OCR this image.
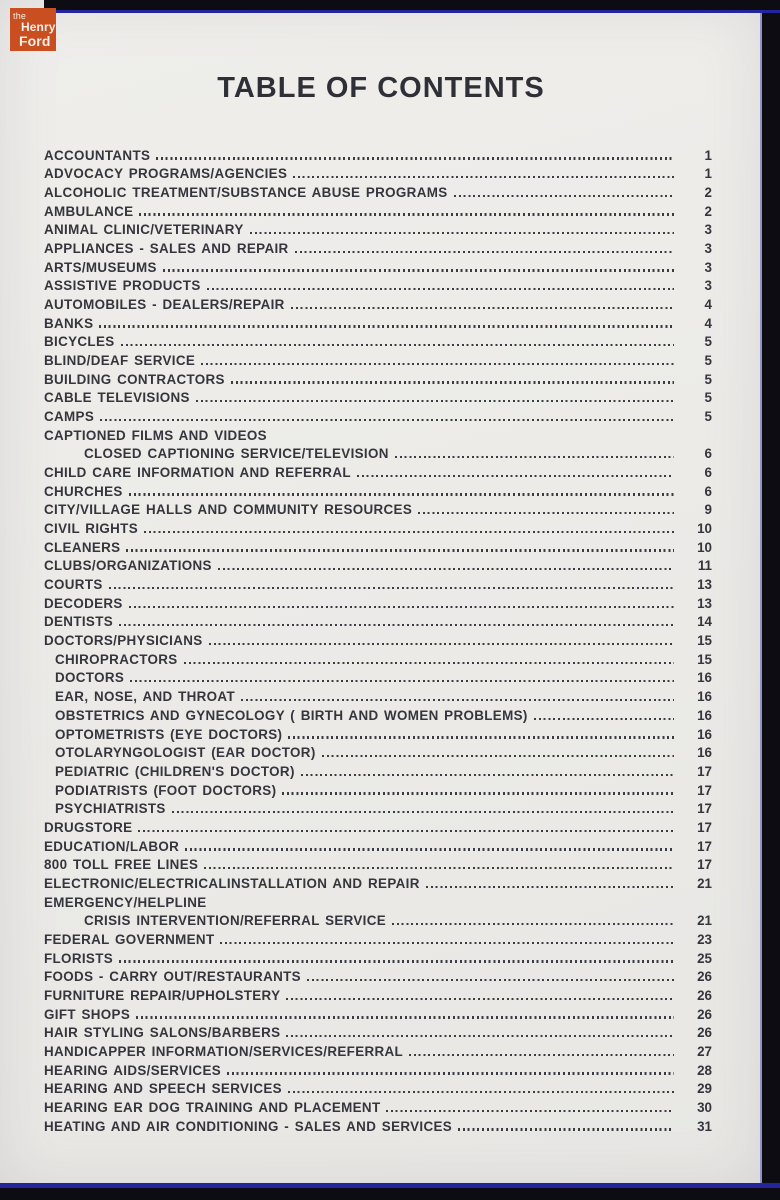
TABLE OF CONTENTS
ACCOUNTANTS	1
ADVOCACY PROGRAMS/AGENCIES	1
ALCOHOLIC TREATMENT/SUBSTANCE ABUSE PROGRAMS	2
AMBULANCE	2
ANIMAL CLINIC/VETERINARY	3
APPLIANCES - SALES AND REPAIR	3
ARTS/MUSEUMS	3
ASSISTIVE PRODUCTS	3
AUTOMOBILES - DEALERS/REPAIR	4
BANKS	4
BICYCLES	5
BLIND/DEAF SERVICE	5
BUILDING CONTRACTORS	5
CABLE TELEVISIONS	5
CAMPS	5
CAPTIONED FILMS AND VIDEOS
CLOSED CAPTIONING SERVICE/TELEVISION	6
CHILD CARE INFORMATION AND REFERRAL	6
CHURCHES	6
CITY/VILLAGE HALLS AND COMMUNITY RESOURCES	9
CIVIL RIGHTS	10
CLEANERS	10
CLUBS/ORGANIZATIONS	11
COURTS	13
DECODERS	13
DENTISTS	14
DOCTORS/PHYSICIANS	15
CHIROPRACTORS	15
DOCTORS	16
EAR, NOSE, AND THROAT	16
OBSTETRICS AND GYNECOLOGY ( BIRTH AND WOMEN PROBLEMS)	16
OPTOMETRISTS (EYE DOCTORS)	16
OTOLARYNGOLOGIST (EAR DOCTOR)	16
PEDIATRIC (CHILDREN'S DOCTOR)	17
PODIATRISTS (FOOT DOCTORS)	17
PSYCHIATRISTS	17
DRUGSTORE	17
EDUCATION/LABOR	17
800 TOLL FREE LINES	17
ELECTRONIC/ELECTRICALINSTALLATION AND REPAIR	21
EMERGENCY/HELPLINE
CRISIS INTERVENTION/REFERRAL SERVICE	21
FEDERAL GOVERNMENT	23
FLORISTS	25
FOODS - CARRY OUT/RESTAURANTS	26
FURNITURE REPAIR/UPHOLSTERY	26
GIFT SHOPS	26
HAIR STYLING SALONS/BARBERS	26
HANDICAPPER INFORMATION/SERVICES/REFERRAL	27
HEARING AIDS/SERVICES	28
HEARING AND SPEECH SERVICES	29
HEARING EAR DOG TRAINING AND PLACEMENT	30
HEATING AND AIR CONDITIONING - SALES AND SERVICES	31
the
Henry
Ford
